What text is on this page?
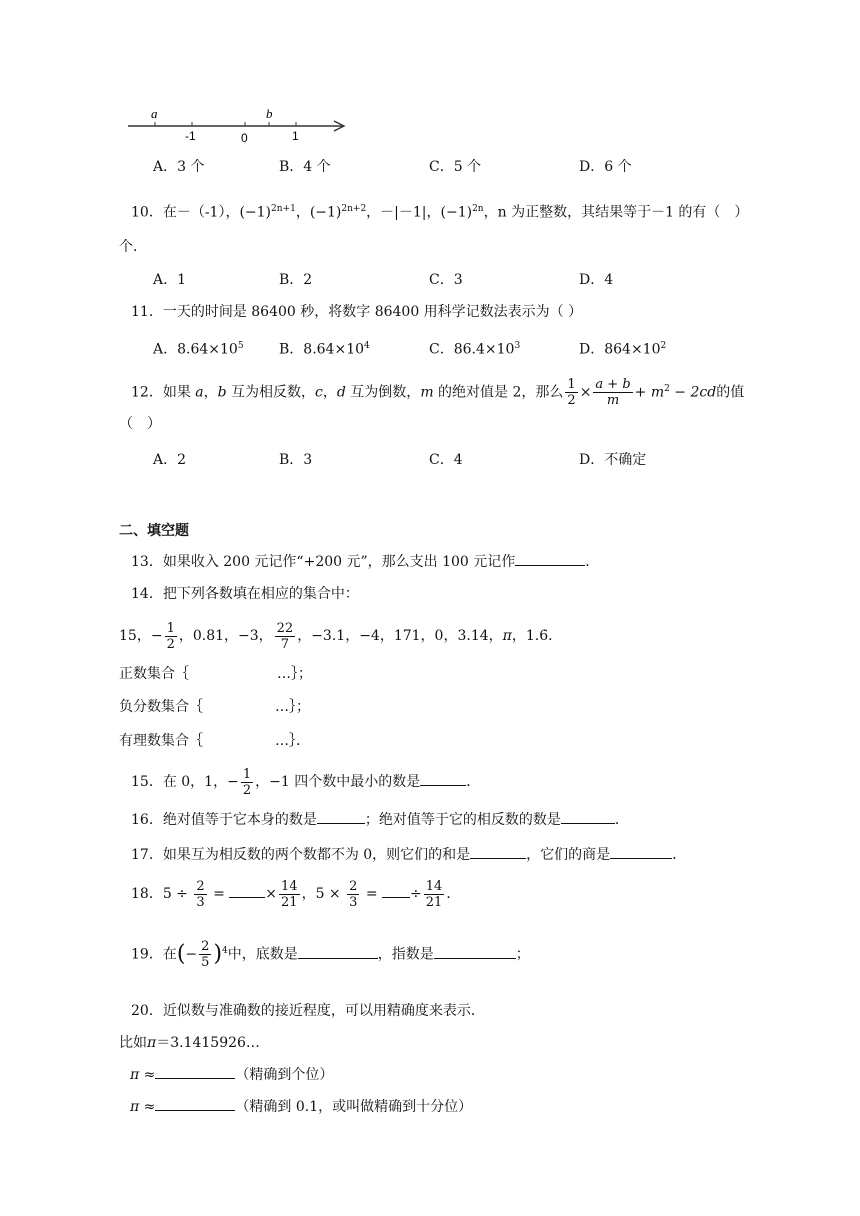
a	b
-1	0	1
A．3 个	B．4 个	C．5 个	D．6 个
10．在－（-1），$(-1)^{2n+1}$，$(-1)^{2n+2}$，－|－1|，$(-1)^{2n}$，n 为正整数，其结果等于－1 的有（　）
个．
A．1	B．2	C．3	D．4
11．一天的时间是 86400 秒，将数字 86400 用科学记数法表示为（ ）
A．$8.64\times 10^5$	B．$8.64\times 10^4$	C．$86.4\times 10^3$	D．$864\times 10^2$
12．如果 a，b 互为相反数，c，d 互为倒数，m 的绝对值是 2，那么 $\frac{1}{2} \times \frac{a + b}{m} + m^2 - 2cd$的值
（　）
A．2	B．3	C．4	D．不确定
二、填空题
13．如果收入 200 元记作“+200 元”，那么支出 100 元记作	．
14．把下列各数填在相应的集合中：
15，− $\frac{1}{2}$ ，0.81，−3， $\frac{22}{7}$ ，−3.1，−4，171，0，3.14，π，1.6̇．
正数集合｛	…｝；
负分数集合｛	…｝；
有理数集合｛	…｝．
15．在 0，1，− $\frac{1}{2}$ ，−1 四个数中最小的数是	．
16．绝对值等于它本身的数是	；绝对值等于它的相反数的数是	．
17．如果互为相反数的两个数都不为 0，则它们的和是	，它们的商是	．
18．$5 \div \frac{2}{3}$ =	× $\frac{14}{21}$ ，$5 \times \frac{2}{3}$ = ÷ $\frac{14}{21}$ ．
19．在(− $\frac{2}{5} )^4$中，底数是	，指数是	；
20．近似数与准确数的接近程度，可以用精确度来表示．
比如π＝3.1415926…
π ≈	（精确到个位）
π ≈	（精确到 0.1，或叫做精确到十分位）
